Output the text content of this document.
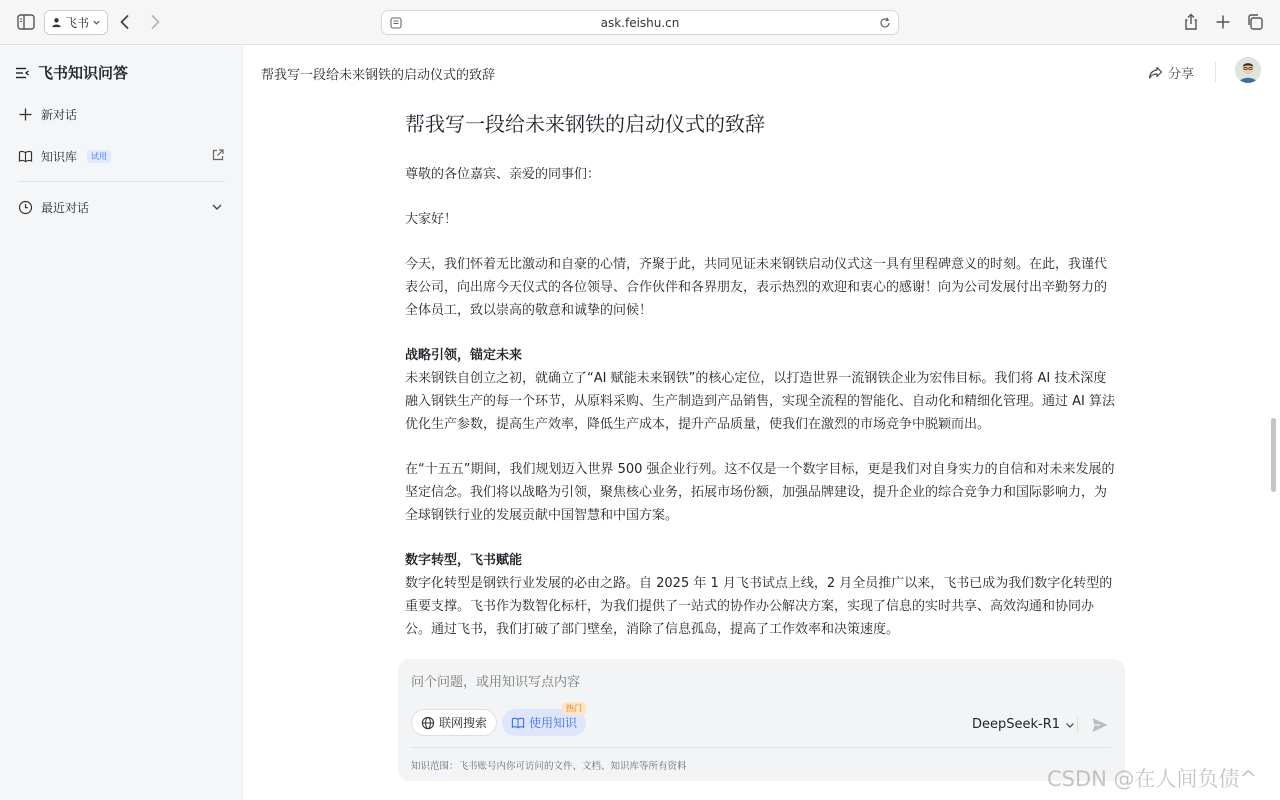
飞书	ask.feishu.cn
飞书知识问答
新对话
知识库	试用
最近对话
帮我写一段给未来钢铁的启动仪式的致辞	分享
帮我写一段给未来钢铁的启动仪式的致辞
尊敬的各位嘉宾、亲爱的同事们：
大家好！
今天，我们怀着无比激动和自豪的心情，齐聚于此，共同见证未来钢铁启动仪式这一具有里程碑意义的时刻。在此，我谨代表公司，向出席今天仪式的各位领导、合作伙伴和各界朋友，表示热烈的欢迎和衷心的感谢！向为公司发展付出辛勤努力的全体员工，致以崇高的敬意和诚挚的问候！
战略引领，锚定未来
未来钢铁自创立之初，就确立了“AI 赋能未来钢铁”的核心定位，以打造世界一流钢铁企业为宏伟目标。我们将 AI 技术深度融入钢铁生产的每一个环节，从原料采购、生产制造到产品销售，实现全流程的智能化、自动化和精细化管理。通过 AI 算法优化生产参数，提高生产效率，降低生产成本，提升产品质量，使我们在激烈的市场竞争中脱颖而出。
在“十五五”期间，我们规划迈入世界 500 强企业行列。这不仅是一个数字目标，更是我们对自身实力的自信和对未来发展的坚定信念。我们将以战略为引领，聚焦核心业务，拓展市场份额，加强品牌建设，提升企业的综合竞争力和国际影响力，为全球钢铁行业的发展贡献中国智慧和中国方案。
数字转型，飞书赋能
数字化转型是钢铁行业发展的必由之路。自 2025 年 1 月飞书试点上线，2 月全员推广以来，飞书已成为我们数字化转型的重要支撑。飞书作为数智化标杆，为我们提供了一站式的协作办公解决方案，实现了信息的实时共享、高效沟通和协同办公。通过飞书，我们打破了部门壁垒，消除了信息孤岛，提高了工作效率和决策速度。
问个问题，或用知识写点内容
联网搜索	使用知识
热门
DeepSeek-R1
知识范围：飞书账号内你可访问的文件、文档、知识库等所有资料
CSDN @在人间负债^
